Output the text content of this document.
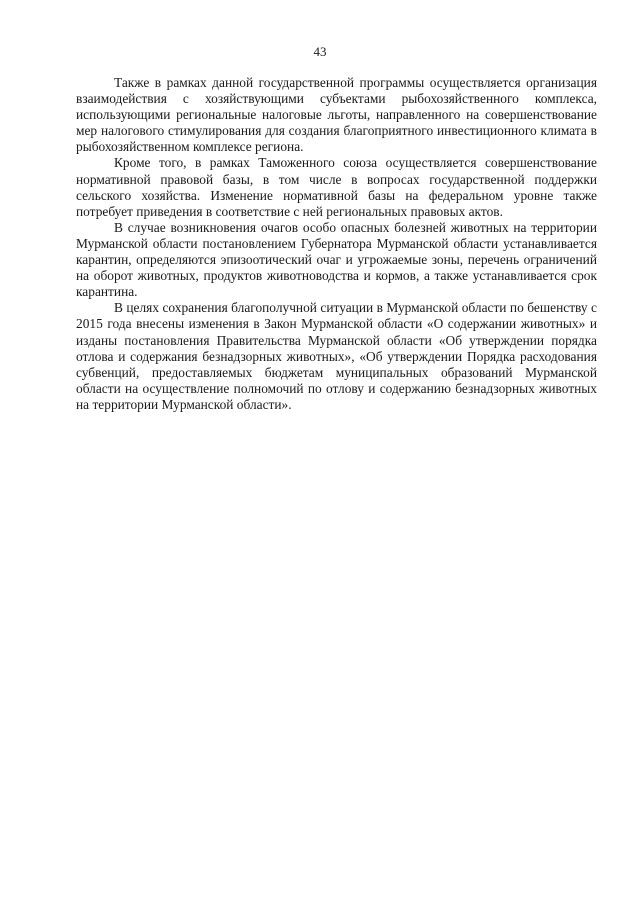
43

Также в рамках данной государственной программы осуществляется организация взаимодействия с хозяйствующими субъектами рыбохозяйственного комплекса, использующими региональные налоговые льготы, направленного на совершенствование мер налогового стимулирования для создания благоприятного инвестиционного климата в рыбохозяйственном комплексе региона.

Кроме того, в рамках Таможенного союза осуществляется совершенствование нормативной правовой базы, в том числе в вопросах государственной поддержки сельского хозяйства. Изменение нормативной базы на федеральном уровне также потребует приведения в соответствие с ней региональных правовых актов.

В случае возникновения очагов особо опасных болезней животных на территории Мурманской области постановлением Губернатора Мурманской области устанавливается карантин, определяются эпизоотический очаг и угрожаемые зоны, перечень ограничений на оборот животных, продуктов животноводства и кормов, а также устанавливается срок карантина.

В целях сохранения благополучной ситуации в Мурманской области по бешенству с 2015 года внесены изменения в Закон Мурманской области «О содержании животных» и изданы постановления Правительства Мурманской области «Об утверждении порядка отлова и содержания безнадзорных животных», «Об утверждении Порядка расходования субвенций, предоставляемых бюджетам муниципальных образований Мурманской области на осуществление полномочий по отлову и содержанию безнадзорных животных на территории Мурманской области».
